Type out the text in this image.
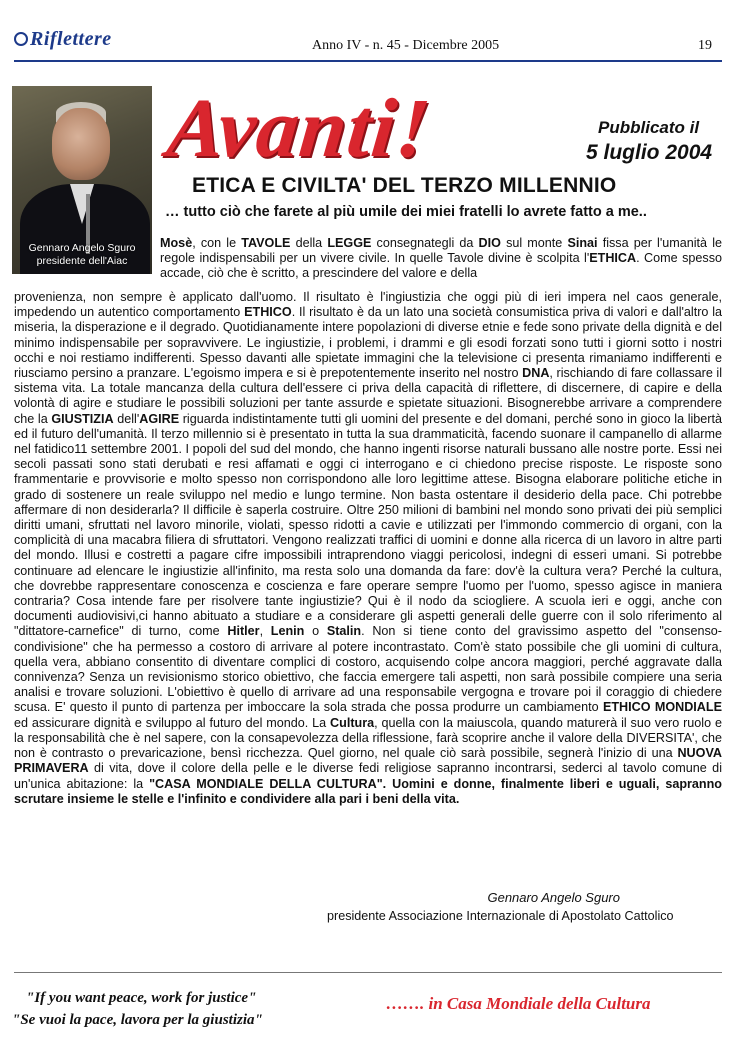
Riflettere	Anno IV - n. 45 - Dicembre 2005	19
Gennaro Angelo Sguro
presidente dell'Aiac
Avanti!	Pubblicato il
5 luglio 2004
ETICA E CIVILTA' DEL TERZO MILLENNIO
… tutto ciò che farete al più umile dei miei fratelli lo avrete fatto a me..
Mosè, con le TAVOLE della LEGGE consegnategli da DIO sul monte Sinai fissa per l'umanità le regole indispensabili per un vivere civile. In quelle Tavole divine è scolpita l'ETHICA. Come spesso accade, ciò che è scritto, a prescindere del valore e della
provenienza, non sempre è applicato dall'uomo. Il risultato è l'ingiustizia che oggi più di ieri impera nel caos generale, impedendo un autentico comportamento ETHICO. Il risultato è da un lato una società consumistica priva di valori e dall'altro la miseria, la disperazione e il degrado. Quotidianamente intere popolazioni di diverse etnie e fede sono private della dignità e del minimo indispensabile per sopravvivere. Le ingiustizie, i problemi, i drammi e gli esodi forzati sono tutti i giorni sotto i nostri occhi e noi restiamo indifferenti. Spesso davanti alle spietate immagini che la televisione ci presenta rimaniamo indifferenti e riusciamo persino a pranzare. L'egoismo impera e si è prepotentemente inserito nel nostro DNA, rischiando di fare collassare il sistema vita. La totale mancanza della cultura dell'essere ci priva della capacità di riflettere, di discernere, di capire e della volontà di agire e studiare le possibili soluzioni per tante assurde e spietate situazioni. Bisognerebbe arrivare a comprendere che la GIUSTIZIA dell'AGIRE riguarda indistintamente tutti gli uomini del presente e del domani, perché sono in gioco la libertà ed il futuro dell'umanità. Il terzo millennio si è presentato in tutta la sua drammaticità, facendo suonare il campanello di allarme nel fatidico11 settembre 2001. I popoli del sud del mondo, che hanno ingenti risorse naturali bussano alle nostre porte. Essi nei secoli passati sono stati derubati e resi affamati e oggi ci interrogano e ci chiedono precise risposte. Le risposte sono frammentarie e provvisorie e molto spesso non corrispondono alle loro legittime attese. Bisogna elaborare politiche etiche in grado di sostenere un reale sviluppo nel medio e lungo termine. Non basta ostentare il desiderio della pace. Chi potrebbe affermare di non desiderarla? Il difficile è saperla costruire. Oltre 250 milioni di bambini nel mondo sono privati dei più semplici diritti umani, sfruttati nel lavoro minorile, violati, spesso ridotti a cavie e utilizzati per l'immondo commercio di organi, con la complicità di una macabra filiera di sfruttatori. Vengono realizzati traffici di uomini e donne alla ricerca di un lavoro in altre parti del mondo. Illusi e costretti a pagare cifre impossibili intraprendono viaggi pericolosi, indegni di esseri umani. Si potrebbe continuare ad elencare le ingiustizie all'infinito, ma resta solo una domanda da fare: dov'è la cultura vera? Perché la cultura, che dovrebbe rappresentare conoscenza e coscienza e fare operare sempre l'uomo per l'uomo, spesso agisce in maniera contraria? Cosa intende fare per risolvere tante ingiustizie? Qui è il nodo da sciogliere. A scuola ieri e oggi, anche con documenti audiovisivi,ci hanno abituato a studiare e a considerare gli aspetti generali delle guerre con il solo riferimento al "dittatore-carnefice" di turno, come Hitler, Lenin o Stalin. Non si tiene conto del gravissimo aspetto del "consenso-condivisione" che ha permesso a costoro di arrivare al potere incontrastato. Com'è stato possibile che gli uomini di cultura, quella vera, abbiano consentito di diventare complici di costoro, acquisendo colpe ancora maggiori, perché aggravate dalla connivenza? Senza un revisionismo storico obiettivo, che faccia emergere tali aspetti, non sarà possibile compiere una seria analisi e trovare soluzioni. L'obiettivo è quello di arrivare ad una responsabile vergogna e trovare poi il coraggio di chiedere scusa. E' questo il punto di partenza per imboccare la sola strada che possa produrre un cambiamento ETHICO MONDIALE ed assicurare dignità e sviluppo al futuro del mondo. La Cultura, quella con la maiuscola, quando maturerà il suo vero ruolo e la responsabilità che è nel sapere, con la consapevolezza della riflessione, farà scoprire anche il valore della DIVERSITA', che non è contrasto o prevaricazione, bensì ricchezza. Quel giorno, nel quale ciò sarà possibile, segnerà l'inizio di una NUOVA PRIMAVERA di vita, dove il colore della pelle e le diverse fedi religiose sapranno incontrarsi, sederci al tavolo comune di un'unica abitazione: la "CASA MONDIALE DELLA CULTURA". Uomini e donne, finalmente liberi e uguali, sapranno scrutare insieme le stelle e l'infinito e condividere alla pari i beni della vita.
Gennaro Angelo Sguro
presidente Associazione Internazionale di Apostolato Cattolico
"If you want peace, work for justice"
"Se vuoi la pace, lavora per la giustizia"
……. in Casa Mondiale della Cultura
